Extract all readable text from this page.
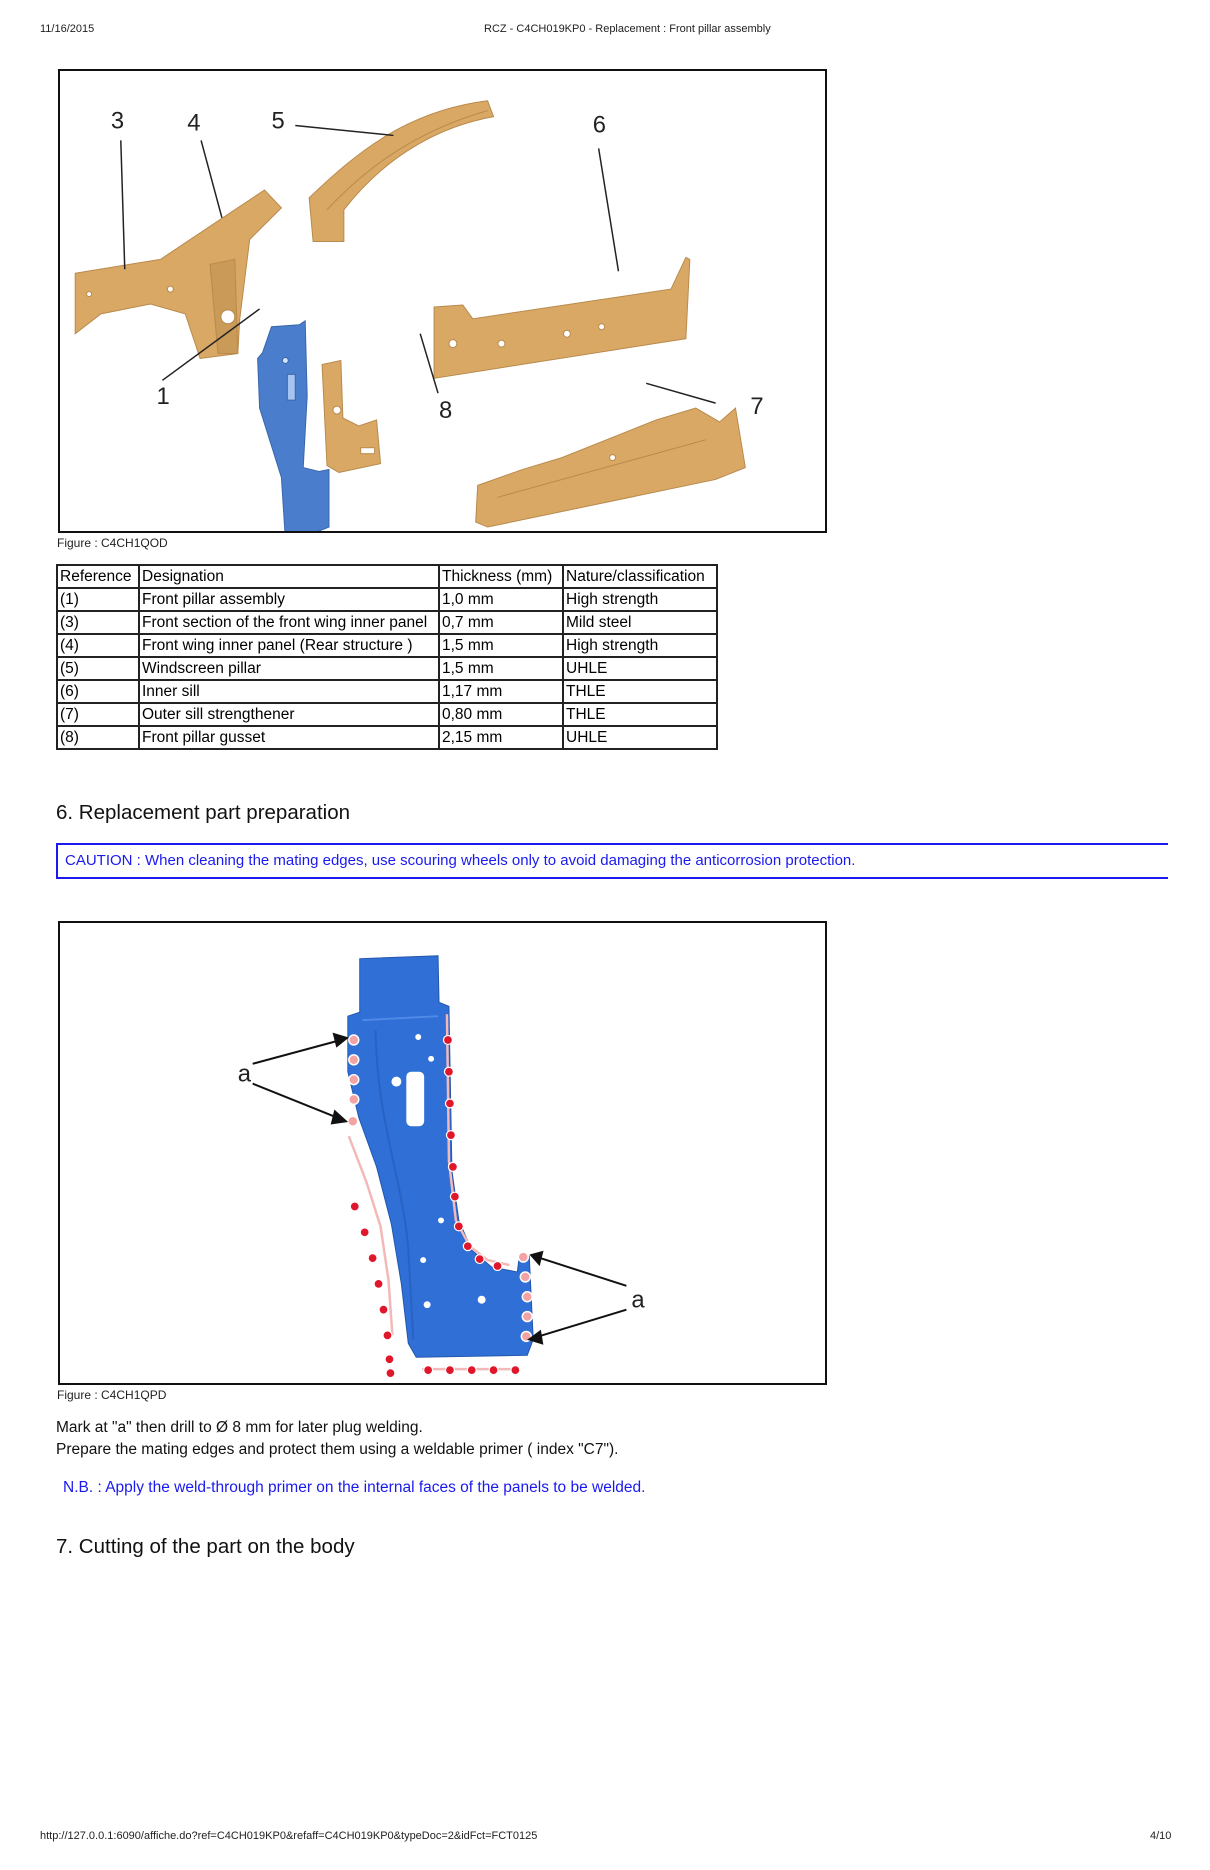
11/16/2015	RCZ - C4CH019KP0 - Replacement : Front pillar assembly
3	4	5	6
1
8	7
Figure : C4CH1QOD
Reference	Designation	Thickness (mm)	Nature/classification
(1)	Front pillar assembly	1,0 mm	High strength
(3)	Front section of the front wing inner panel	0,7 mm	Mild steel
(4)	Front wing inner panel (Rear structure )	1,5 mm	High strength
(5)	Windscreen pillar	1,5 mm	UHLE
(6)	Inner sill	1,17 mm	THLE
(7)	Outer sill strengthener	0,80 mm	THLE
(8)	Front pillar gusset	2,15 mm	UHLE
6. Replacement part preparation
CAUTION : When cleaning the mating edges, use scouring wheels only to avoid damaging the anticorrosion protection.
a
a
Figure : C4CH1QPD
Mark at "a" then drill to Ø 8 mm for later plug welding.
Prepare the mating edges and protect them using a weldable primer ( index "C7").
N.B. : Apply the weld-through primer on the internal faces of the panels to be welded.
7. Cutting of the part on the body
http://127.0.0.1:6090/affiche.do?ref=C4CH019KP0&refaff=C4CH019KP0&typeDoc=2&idFct=FCT0125	4/10
